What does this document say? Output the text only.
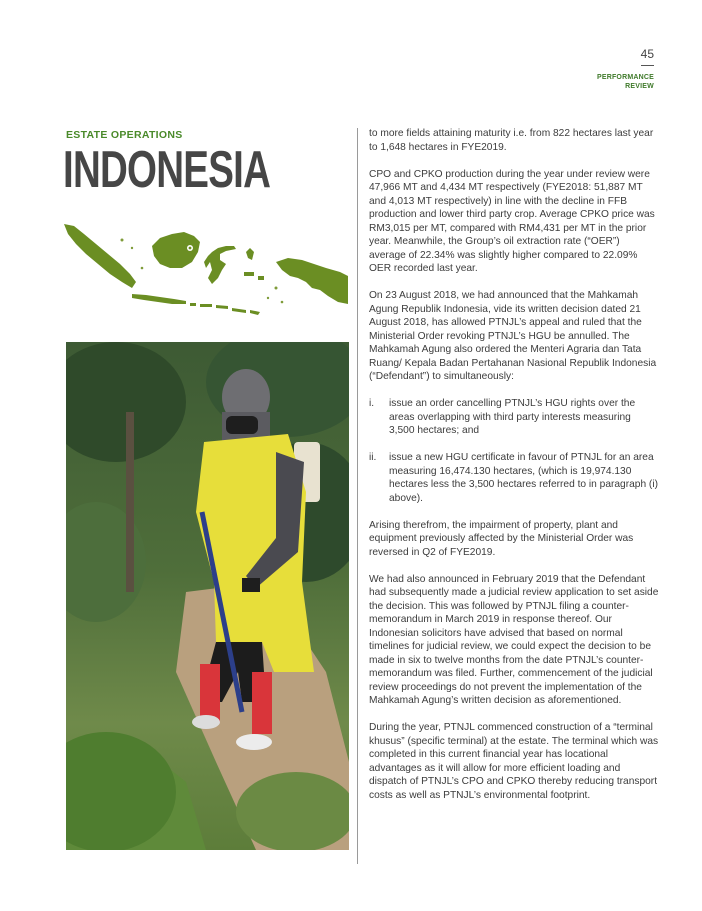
45
PERFORMANCE
REVIEW
ESTATE OPERATIONS
INDONESIA

to more fields attaining maturity i.e. from 822 hectares last year to 1,648 hectares in FYE2019.

CPO and CPKO production during the year under review were 47,966 MT and 4,434 MT respectively (FYE2018: 51,887 MT and 4,013 MT respectively) in line with the decline in FFB production and lower third party crop. Average CPKO price was RM3,015 per MT, compared with RM4,431 per MT in the prior year. Meanwhile, the Group’s oil extraction rate (“OER”) average of 22.34% was slightly higher compared to 22.09% OER recorded last year.

On 23 August 2018, we had announced that the Mahkamah Agung Republik Indonesia, vide its written decision dated 21 August 2018, has allowed PTNJL’s appeal and ruled that the Ministerial Order revoking PTNJL’s HGU be annulled. The Mahkamah Agung also ordered the Menteri Agraria dan Tata Ruang/ Kepala Badan Pertahanan Nasional Republik Indonesia (“Defendant”) to simultaneously:

i.	issue an order cancelling PTNJL’s HGU rights over the areas overlapping with third party interests measuring 3,500 hectares; and
ii.	issue a new HGU certificate in favour of PTNJL for an area measuring 16,474.130 hectares, (which is 19,974.130 hectares less the 3,500 hectares referred to in paragraph (i) above).

Arising therefrom, the impairment of property, plant and equipment previously affected by the Ministerial Order was reversed in Q2 of FYE2019.

We had also announced in February 2019 that the Defendant had subsequently made a judicial review application to set aside the decision. This was followed by PTNJL filing a counter-memorandum in March 2019 in response thereof. Our Indonesian solicitors have advised that based on normal timelines for judicial review, we could expect the decision to be made in six to twelve months from the date PTNJL’s counter-memorandum was filed. Further, commencement of the judicial review proceedings do not prevent the implementation of the Mahkamah Agung’s written decision as aforementioned.

During the year, PTNJL commenced construction of a “terminal khusus” (specific terminal) at the estate. The terminal which was completed in this current financial year has locational advantages as it will allow for more efficient loading and dispatch of PTNJL’s CPO and CPKO thereby reducing transport costs as well as PTNJL’s environmental footprint.
